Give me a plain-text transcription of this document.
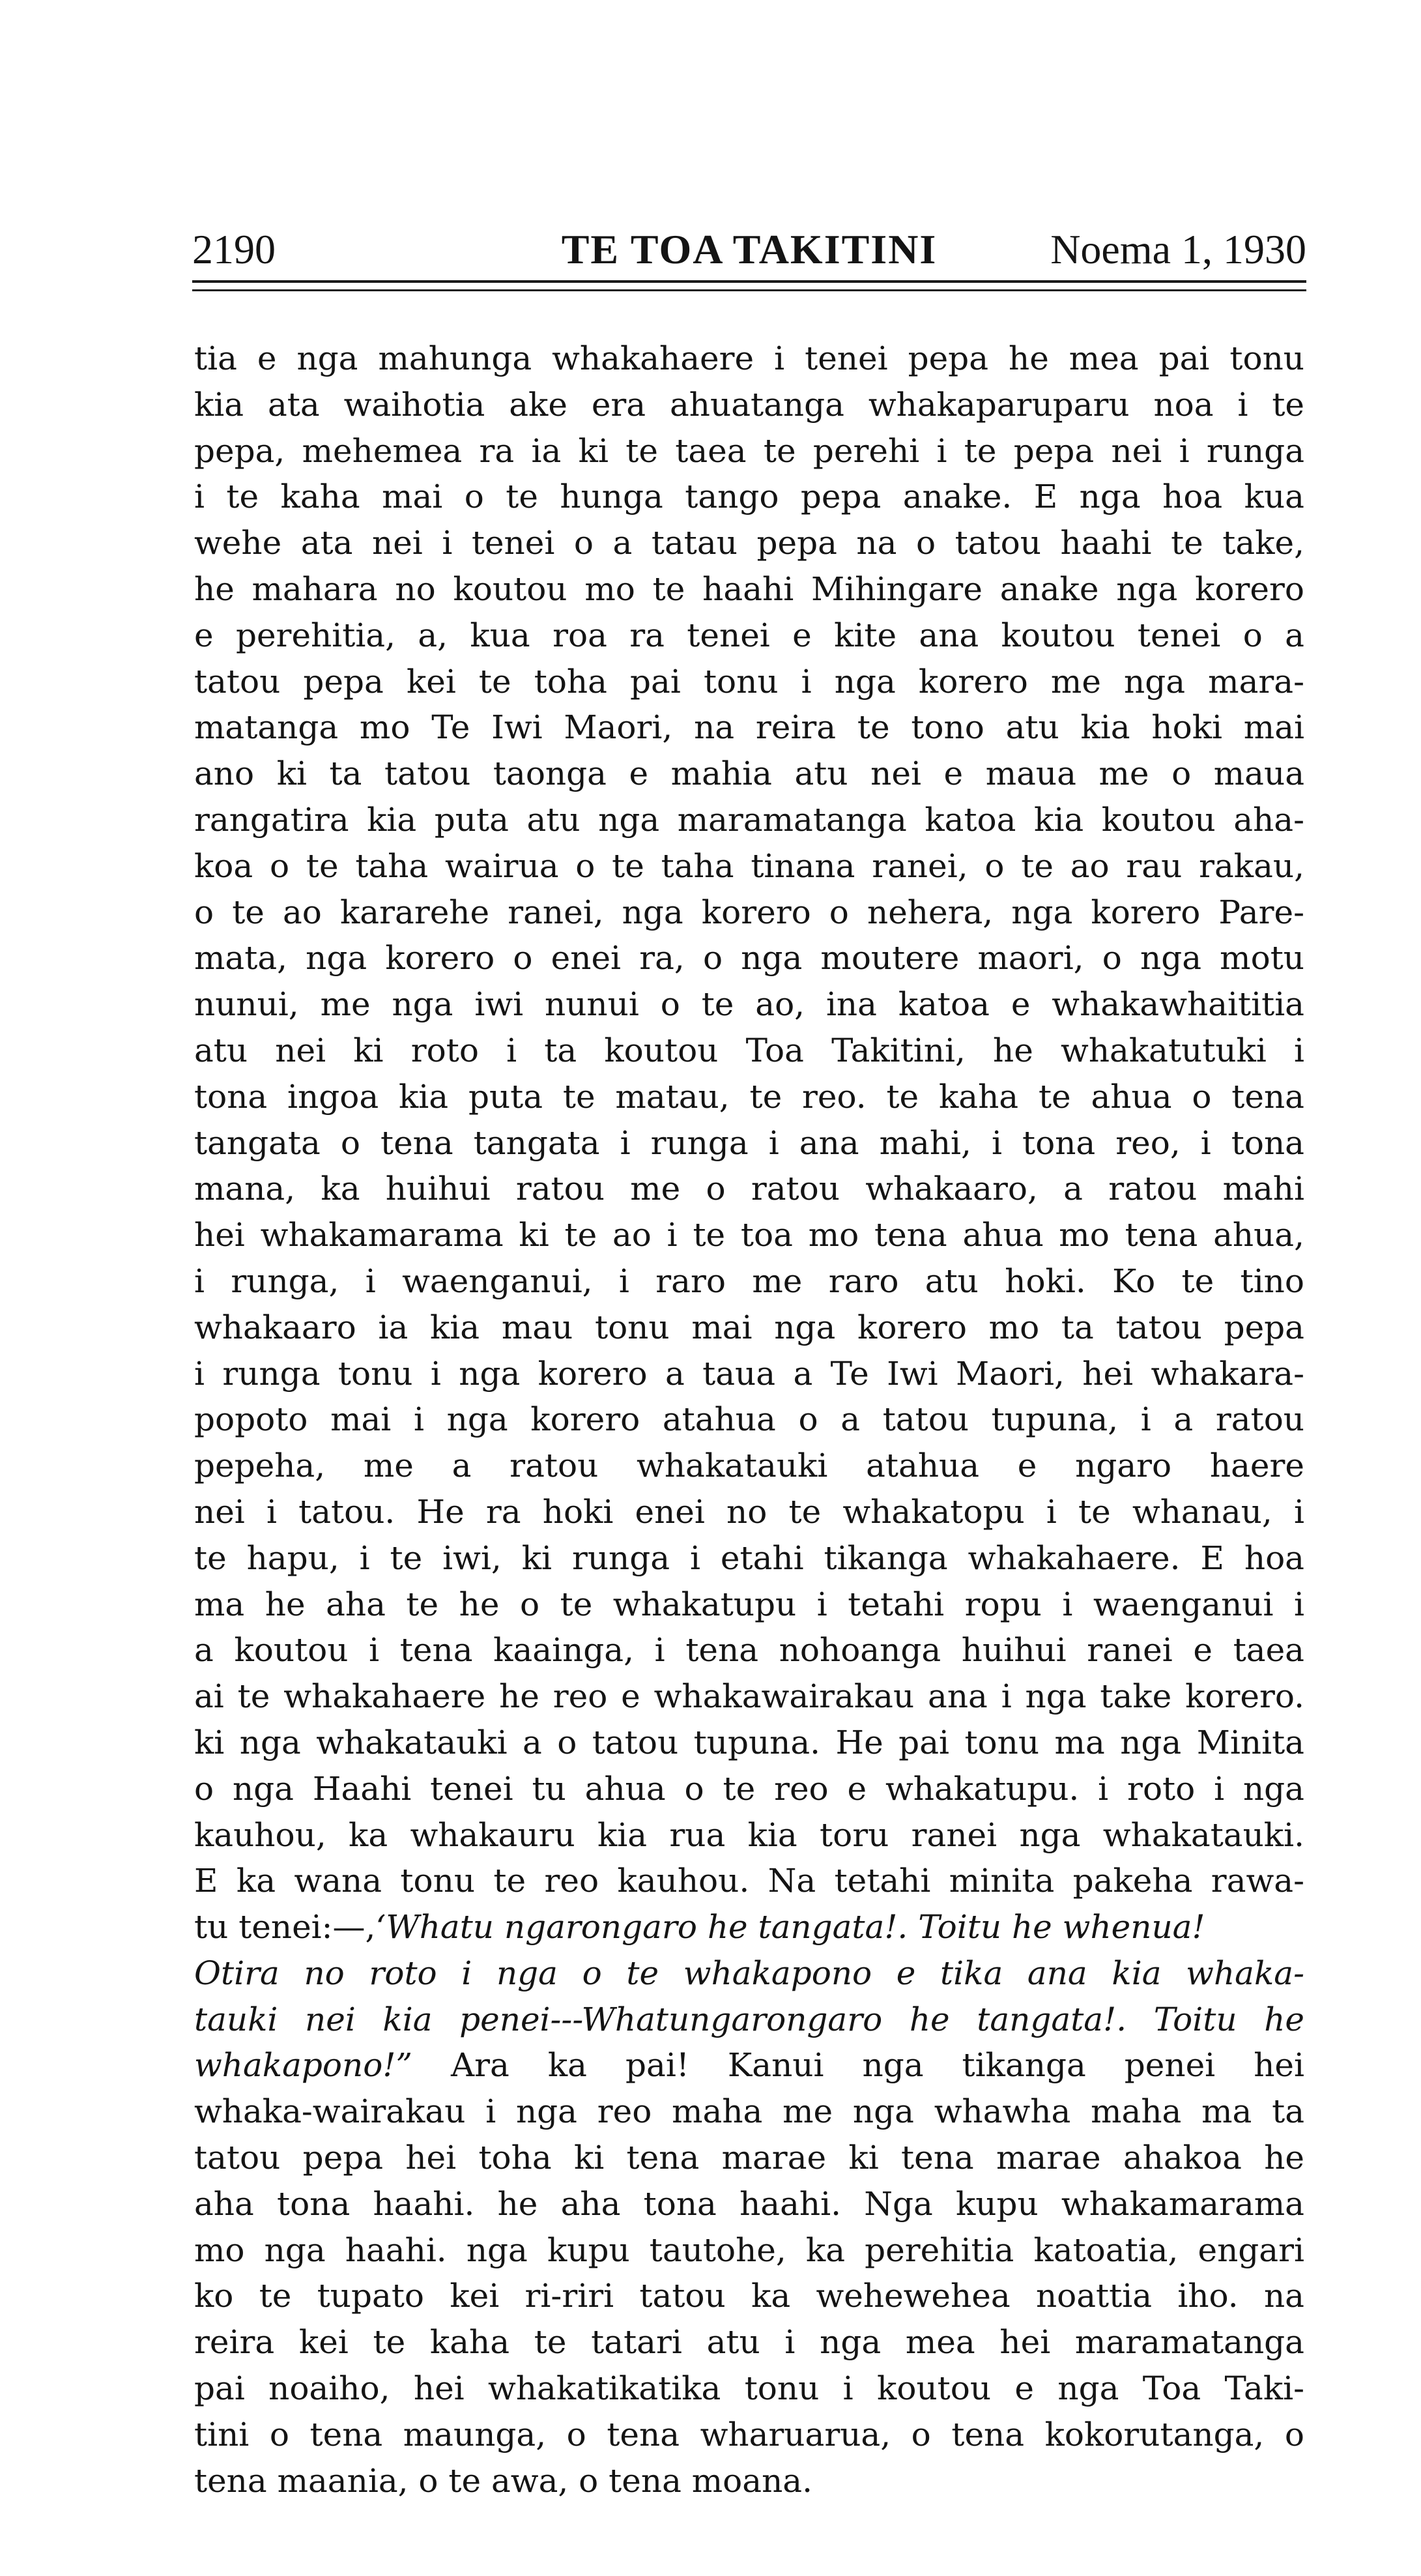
2190	TE TOA TAKITINI	Noema 1, 1930
tia e nga mahunga whakahaere i tenei pepa he mea pai tonu
kia ata waihotia ake era ahuatanga whakaparuparu noa i te
pepa, mehemea ra ia ki te taea te perehi i te pepa nei i runga
i te kaha mai o te hunga tango pepa anake. E nga hoa kua
wehe ata nei i tenei o a tatau pepa na o tatou haahi te take,
he mahara no koutou mo te haahi Mihingare anake nga korero
e perehitia, a, kua roa ra tenei e kite ana koutou tenei o a
tatou pepa kei te toha pai tonu i nga korero me nga mara-
matanga mo Te Iwi Maori, na reira te tono atu kia hoki mai
ano ki ta tatou taonga e mahia atu nei e maua me o maua
rangatira kia puta atu nga maramatanga katoa kia koutou aha-
koa o te taha wairua o te taha tinana ranei, o te ao rau rakau,
o te ao kararehe ranei, nga korero o nehera, nga korero Pare-
mata, nga korero o enei ra, o nga moutere maori, o nga motu
nunui, me nga iwi nunui o te ao, ina katoa e whakawhaititia
atu nei ki roto i ta koutou Toa Takitini, he whakatutuki i
tona ingoa kia puta te matau, te reo. te kaha te ahua o tena
tangata o tena tangata i runga i ana mahi, i tona reo, i tona
mana, ka huihui ratou me o ratou whakaaro, a ratou mahi
hei whakamarama ki te ao i te toa mo tena ahua mo tena ahua,
i runga, i waenganui, i raro me raro atu hoki. Ko te tino
whakaaro ia kia mau tonu mai nga korero mo ta tatou pepa
i runga tonu i nga korero a taua a Te Iwi Maori, hei whakara-
popoto mai i nga korero atahua o a tatou tupuna, i a ratou
pepeha, me a ratou whakatauki atahua e ngaro haere
nei i tatou. He ra hoki enei no te whakatopu i te whanau, i
te hapu, i te iwi, ki runga i etahi tikanga whakahaere. E hoa
ma he aha te he o te whakatupu i tetahi ropu i waenganui i
a koutou i tena kaainga, i tena nohoanga huihui ranei e taea
ai te whakahaere he reo e whakawairakau ana i nga take korero.
ki nga whakatauki a o tatou tupuna. He pai tonu ma nga Minita
o nga Haahi tenei tu ahua o te reo e whakatupu. i roto i nga
kauhou, ka whakauru kia rua kia toru ranei nga whakatauki.
E ka wana tonu te reo kauhou. Na tetahi minita pakeha rawa-
tu tenei:—,‘Whatu ngarongaro he tangata!. Toitu he whenua!
Otira no roto i nga o te whakapono e tika ana kia whaka-
tauki nei kia penei---Whatungarongaro he tangata!. Toitu he
whakapono!” Ara ka pai! Kanui nga tikanga penei hei
whaka-wairakau i nga reo maha me nga whawha maha ma ta
tatou pepa hei toha ki tena marae ki tena marae ahakoa he
aha tona haahi. he aha tona haahi. Nga kupu whakamarama
mo nga haahi. nga kupu tautohe, ka perehitia katoatia, engari
ko te tupato kei ri-riri tatou ka wehewehea noattia iho. na
reira kei te kaha te tatari atu i nga mea hei maramatanga
pai noaiho, hei whakatikatika tonu i koutou e nga Toa Taki-
tini o tena maunga, o tena wharuarua, o tena kokorutanga, o
tena maania, o te awa, o tena moana.
